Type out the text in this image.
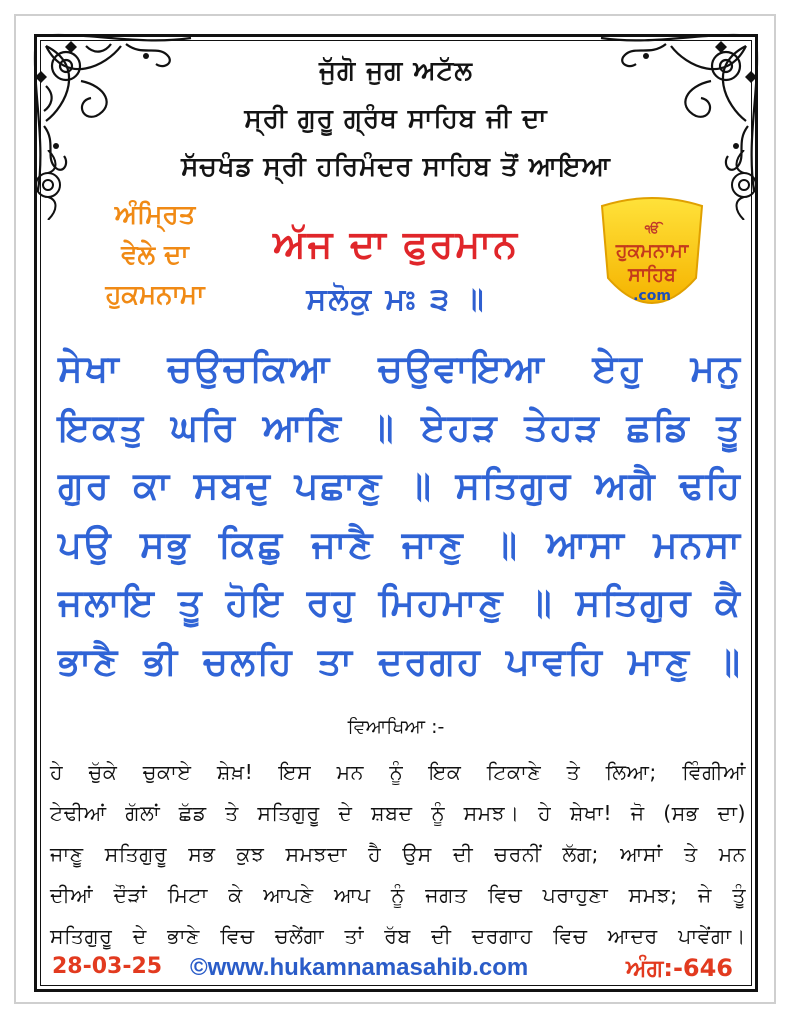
ਜੁੱਗੋ ਜੁਗ ਅਟੱਲ
ਸ੍ਰੀ ਗੁਰੂ ਗ੍ਰੰਥ ਸਾਹਿਬ ਜੀ ਦਾ
ਸੱਚਖੰਡ ਸ੍ਰੀ ਹਰਿਮੰਦਰ ਸਾਹਿਬ ਤੋਂ ਆਇਆ
ਅੰਮ੍ਰਿਤ
ਵੇਲੇ ਦਾ
ਹੁਕਮਨਾਮਾ
ਅੱਜ ਦਾ ਫੁਰਮਾਨ
ਸਲੋਕੁ ਮਃ ੩ ॥
ੴ
ਹੁਕਮਨਾਮਾ
ਸਾਹਿਬ
.com
ਸੇਖਾ ਚਉਚਕਿਆ ਚਉਵਾਇਆ ਏਹੁ ਮਨੁ
ਇਕਤੁ ਘਰਿ ਆਣਿ ॥ ਏਹੜ ਤੇਹੜ ਛਡਿ ਤੂ
ਗੁਰ ਕਾ ਸਬਦੁ ਪਛਾਣੁ ॥ ਸਤਿਗੁਰ ਅਗੈ ਢਹਿ
ਪਉ ਸਭੁ ਕਿਛੁ ਜਾਣੈ ਜਾਣੁ ॥ ਆਸਾ ਮਨਸਾ
ਜਲਾਇ ਤੂ ਹੋਇ ਰਹੁ ਮਿਹਮਾਣੁ ॥ ਸਤਿਗੁਰ ਕੈ
ਭਾਣੈ ਭੀ ਚਲਹਿ ਤਾ ਦਰਗਹ ਪਾਵਹਿ ਮਾਣੁ ॥
ਵਿਆਖਿਆ :-
ਹੇ ਚੁੱਕੇ ਚੁਕਾਏ ਸ਼ੇਖ਼! ਇਸ ਮਨ ਨੂੰ ਇਕ ਟਿਕਾਣੇ ਤੇ ਲਿਆ; ਵਿੰਗੀਆਂ
ਟੇਢੀਆਂ ਗੱਲਾਂ ਛੱਡ ਤੇ ਸਤਿਗੁਰੂ ਦੇ ਸ਼ਬਦ ਨੂੰ ਸਮਝ। ਹੇ ਸ਼ੇਖਾ! ਜੋ (ਸਭ ਦਾ)
ਜਾਣੂ ਸਤਿਗੁਰੂ ਸਭ ਕੁਝ ਸਮਝਦਾ ਹੈ ਉਸ ਦੀ ਚਰਨੀਂ ਲੱਗ; ਆਸਾਂ ਤੇ ਮਨ
ਦੀਆਂ ਦੌੜਾਂ ਮਿਟਾ ਕੇ ਆਪਣੇ ਆਪ ਨੂੰ ਜਗਤ ਵਿਚ ਪਰਾਹੁਣਾ ਸਮਝ; ਜੇ ਤੂੰ
ਸਤਿਗੁਰੂ ਦੇ ਭਾਣੇ ਵਿਚ ਚਲੇਂਗਾ ਤਾਂ ਰੱਬ ਦੀ ਦਰਗਾਹ ਵਿਚ ਆਦਰ ਪਾਵੇਂਗਾ।
28-03-25 ©www.hukamnamasahib.com	ਅੰਗ:-646
